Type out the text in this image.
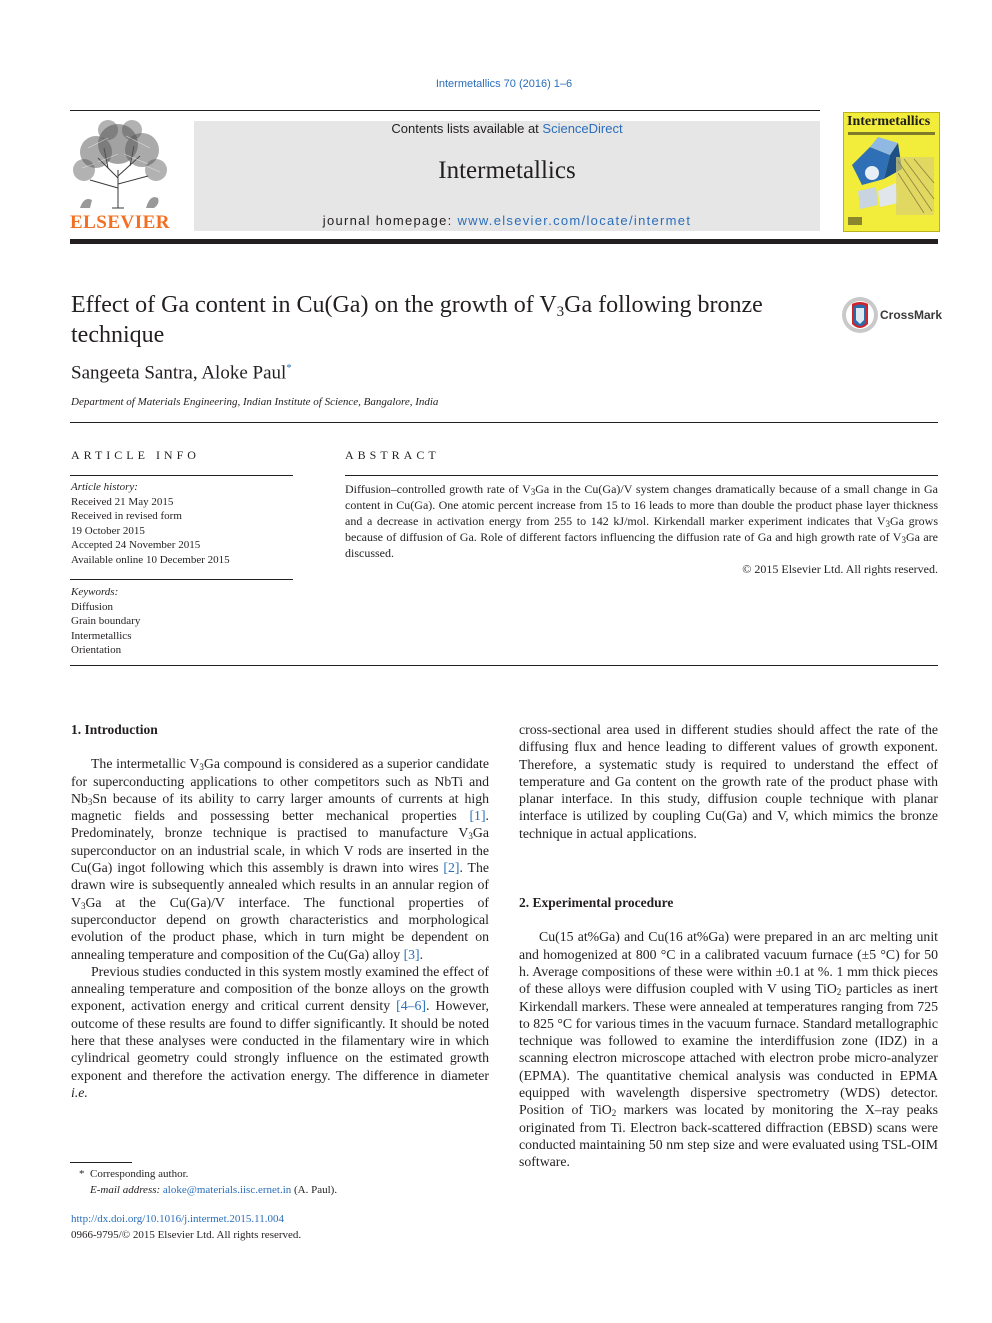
Intermetallics 70 (2016) 1–6
ELSEVIER
Contents lists available at ScienceDirect
Intermetallics
journal homepage: www.elsevier.com/locate/intermet
Intermetallics
Effect of Ga content in Cu(Ga) on the growth of $V_3Ga$ following bronze technique
CrossMark
Sangeeta Santra, Aloke Paul*
Department of Materials Engineering, Indian Institute of Science, Bangalore, India
ARTICLE INFO	ABSTRACT
Article history:
Received 21 May 2015
Received in revised form
19 October 2015
Accepted 24 November 2015
Available online 10 December 2015
Keywords:
Diffusion
Grain boundary
Intermetallics
Orientation
Diffusion–controlled growth rate of $V_3Ga$ in the Cu(Ga)/V system changes dramatically because of a small change in Ga content in Cu(Ga). One atomic percent increase from 15 to 16 leads to more than double the product phase layer thickness and a decrease in activation energy from 255 to 142 kJ/mol. Kirkendall marker experiment indicates that $V_3Ga$ grows because of diffusion of Ga. Role of different factors influencing the diffusion rate of Ga and high growth rate of $V_3Ga$ are discussed.
© 2015 Elsevier Ltd. All rights reserved.

1. Introduction

The intermetallic $V_3Ga$ compound is considered as a superior candidate for superconducting applications to other competitors such as NbTi and $Nb_3Sn$ because of its ability to carry larger amounts of currents at high magnetic fields and possessing better mechanical properties [1]. Predominately, bronze technique is practised to manufacture $V_3Ga$ superconductor on an industrial scale, in which V rods are inserted in the Cu(Ga) ingot following which this assembly is drawn into wires [2]. The drawn wire is subsequently annealed which results in an annular region of $V_3Ga$ at the Cu(Ga)/V interface. The functional properties of superconductor depend on growth characteristics and morphological evolution of the product phase, which in turn might be dependent on annealing temperature and composition of the Cu(Ga) alloy [3].

Previous studies conducted in this system mostly examined the effect of annealing temperature and composition of the bonze alloys on the growth exponent, activation energy and critical current density [4–6]. However, outcome of these results are found to differ significantly. It should be noted here that these analyses were conducted in the filamentary wire in which cylindrical geometry could strongly influence on the estimated growth exponent and therefore the activation energy. The difference in diameter i.e.

cross-sectional area used in different studies should affect the rate of the diffusing flux and hence leading to different values of growth exponent. Therefore, a systematic study is required to understand the effect of temperature and Ga content on the growth rate of the product phase with planar interface. In this study, diffusion couple technique with planar interface is utilized by coupling Cu(Ga) and V, which mimics the bronze technique in actual applications.

2. Experimental procedure

Cu(15 at%Ga) and Cu(16 at%Ga) were prepared in an arc melting unit and homogenized at 800 °C in a calibrated vacuum furnace (±5 °C) for 50 h. Average compositions of these were within ±0.1 at %. 1 mm thick pieces of these alloys were diffusion coupled with V using TiO$_2$ particles as inert Kirkendall markers. These were annealed at temperatures ranging from 725 to 825 °C for various times in the vacuum furnace. Standard metallographic technique was followed to examine the interdiffusion zone (IDZ) in a scanning electron microscope attached with electron probe micro-analyzer (EPMA). The quantitative chemical analysis was conducted in EPMA equipped with wavelength dispersive spectrometry (WDS) detector. Position of TiO$_2$ markers was located by monitoring the X–ray peaks originated from Ti. Electron back-scattered diffraction (EBSD) scans were conducted maintaining 50 nm step size and were evaluated using TSL-OIM software.

* Corresponding author.
E-mail address: aloke@materials.iisc.ernet.in (A. Paul).
http://dx.doi.org/10.1016/j.intermet.2015.11.004
0966-9795/© 2015 Elsevier Ltd. All rights reserved.
